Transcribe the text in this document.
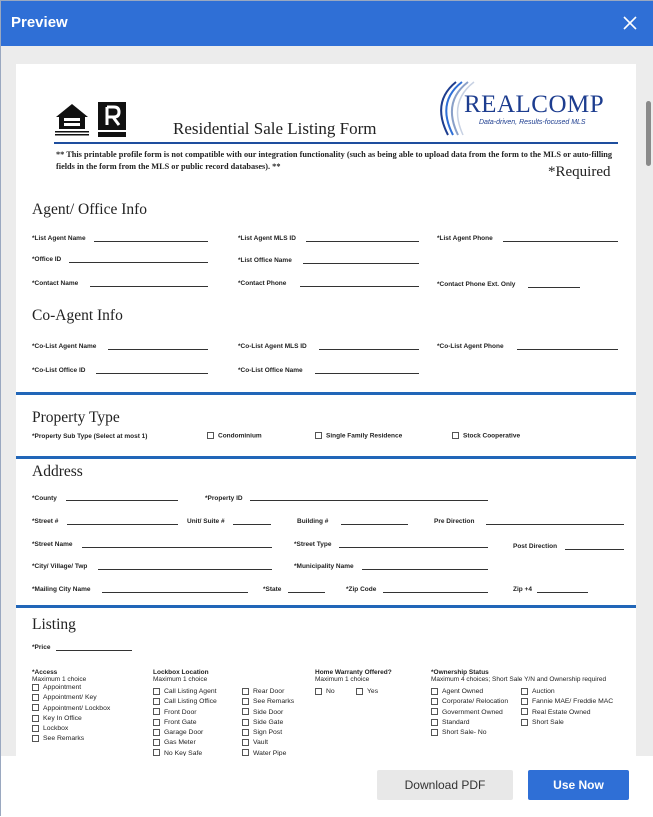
Preview
REALCOMP
Data-driven, Results-focused MLS
Residential Sale Listing Form
** This printable profile form is not compatible with our integration functionality (such as being able to upload data from the form to the MLS or auto-filling fields in the form from the MLS or public record databases). **	*Required
Agent/ Office Info
*List Agent Name	*List Agent MLS ID	*List Agent Phone
*Office ID	*List Office Name
*Contact Name	*Contact Phone	*Contact Phone Ext. Only
Co-Agent Info
*Co-List Agent Name	*Co-List Agent MLS ID	*Co-List Agent Phone
*Co-List Office ID	*Co-List Office Name
Property Type
*Property Sub Type (Select at most 1)	Condominium	Single Family Residence	Stock Cooperative
Address
*County	*Property ID
*Street #	Unit/ Suite #	Building #	Pre Direction
*Street Name	*Street Type	Post Direction
*City/ Village/ Twp	*Municipality Name
*Mailing City Name	*State	*Zip Code	Zip +4
Listing
*Price
*Access
Maximum 1 choice
Appointment
Appointment/ Key
Appointment/ Lockbox
Key In Office
Lockbox
See Remarks
Lockbox Location
Maximum 1 choice
Call Listing Agent
Call Listing Office
Front Door
Front Gate
Garage Door
Gas Meter
No Key Safe
Rear Door
See Remarks
Side Door
Side Gate
Sign Post
Vault
Water Pipe
Home Warranty Offered?
Maximum 1 choice
No	Yes
*Ownership Status
Maximum 4 choices; Short Sale Y/N and Ownership required
Agent Owned
Corporate/ Relocation
Government Owned
Standard
Short Sale- No
Auction
Fannie MAE/ Freddie MAC
Real Estate Owned
Short Sale
Download PDF	Use Now
